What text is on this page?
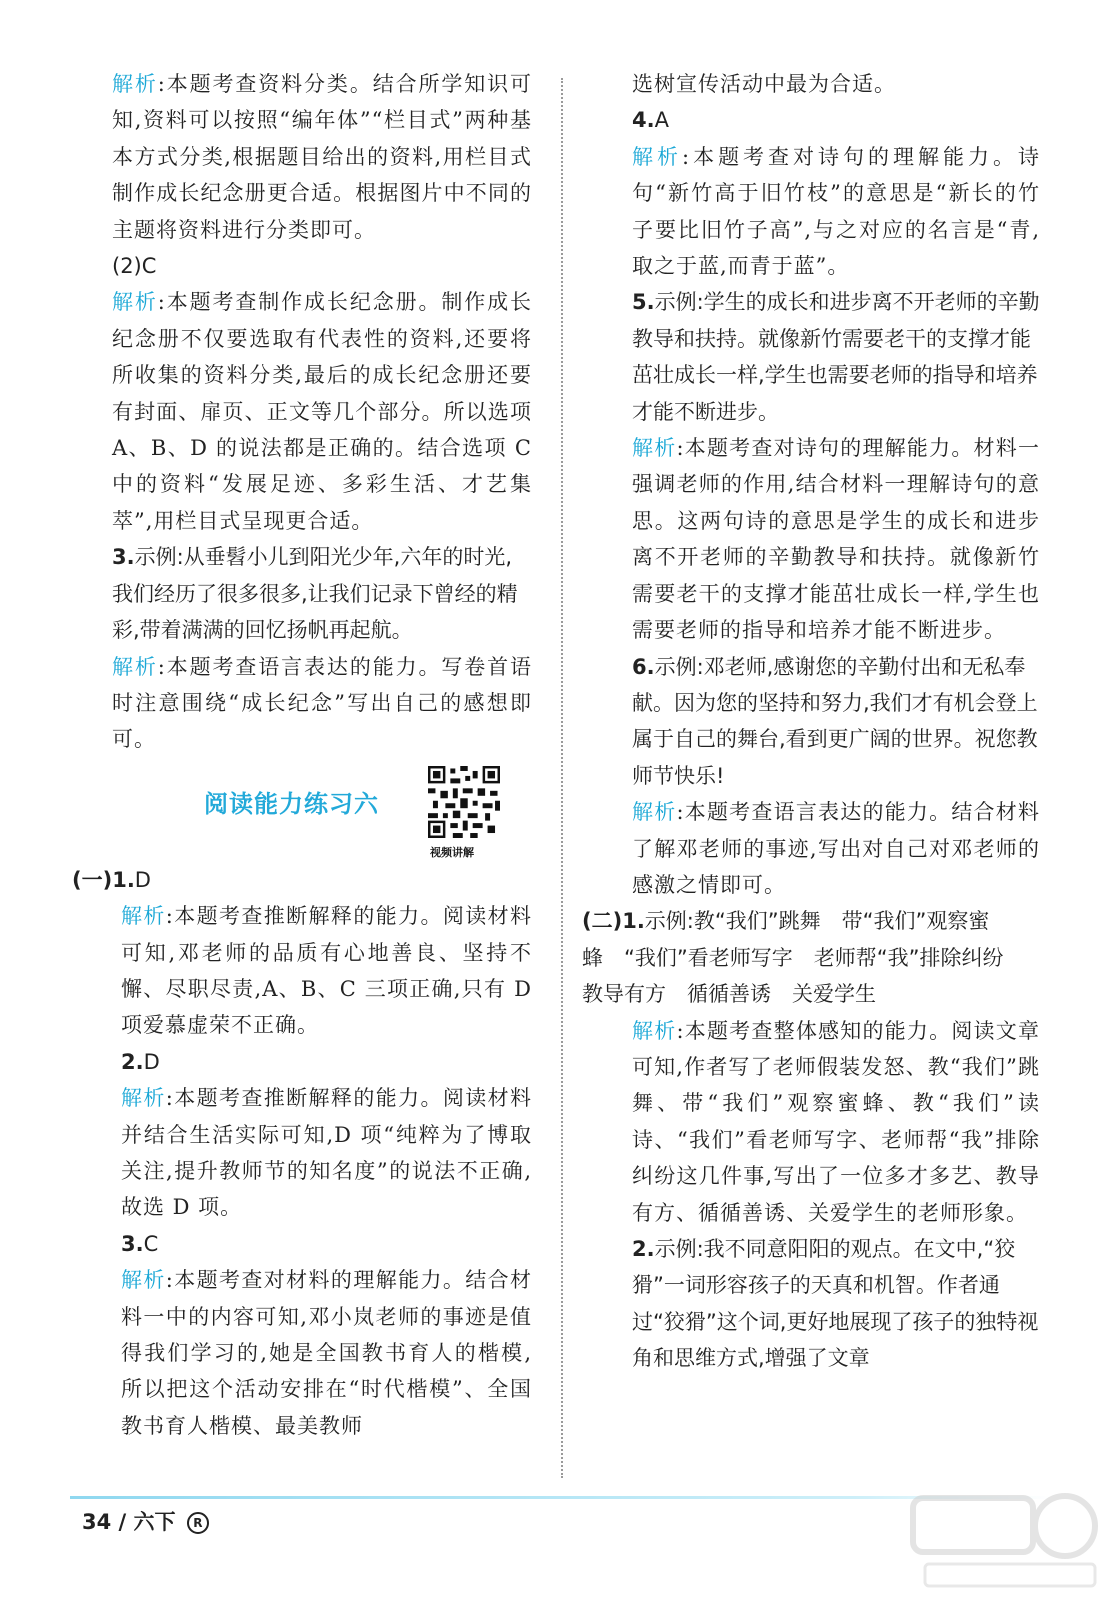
解析:本题考查资料分类。结合所学知识可知,资料可以按照“编年体”“栏目式”两种基本方式分类,根据题目给出的资料,用栏目式制作成长纪念册更合适。根据图片中不同的主题将资料进行分类即可。

(2)C

解析:本题考查制作成长纪念册。制作成长纪念册不仅要选取有代表性的资料,还要将所收集的资料分类,最后的成长纪念册还要有封面、扉页、正文等几个部分。所以选项 A、B、D 的说法都是正确的。结合选项 C 中的资料“发展足迹、多彩生活、才艺集萃”,用栏目式呈现更合适。

3.示例:从垂髫小儿到阳光少年,六年的时光,我们经历了很多很多,让我们记录下曾经的精彩,带着满满的回忆扬帆再起航。

解析:本题考查语言表达的能力。写卷首语时注意围绕“成长纪念”写出自己的感想即可。

阅读能力练习六
视频讲解

(一)1.D

解析:本题考查推断解释的能力。阅读材料可知,邓老师的品质有心地善良、坚持不懈、尽职尽责,A、B、C 三项正确,只有 D 项爱慕虚荣不正确。

2.D

解析:本题考查推断解释的能力。阅读材料并结合生活实际可知,D 项“纯粹为了博取关注,提升教师节的知名度”的说法不正确,故选 D 项。

3.C

解析:本题考查对材料的理解能力。结合材料一中的内容可知,邓小岚老师的事迹是值得我们学习的,她是全国教书育人的楷模,所以把这个活动安排在“时代楷模”、全国教书育人楷模、最美教师

选树宣传活动中最为合适。

4.A

解析:本题考查对诗句的理解能力。诗句“新竹高于旧竹枝”的意思是“新长的竹子要比旧竹子高”,与之对应的名言是“青,取之于蓝,而青于蓝”。

5.示例:学生的成长和进步离不开老师的辛勤教导和扶持。就像新竹需要老干的支撑才能茁壮成长一样,学生也需要老师的指导和培养才能不断进步。

解析:本题考查对诗句的理解能力。材料一强调老师的作用,结合材料一理解诗句的意思。这两句诗的意思是学生的成长和进步离不开老师的辛勤教导和扶持。就像新竹需要老干的支撑才能茁壮成长一样,学生也需要老师的指导和培养才能不断进步。

6.示例:邓老师,感谢您的辛勤付出和无私奉献。因为您的坚持和努力,我们才有机会登上属于自己的舞台,看到更广阔的世界。祝您教师节快乐!

解析:本题考查语言表达的能力。结合材料了解邓老师的事迹,写出对自己对邓老师的感激之情即可。

(二)1.示例:教“我们”跳舞　带“我们”观察蜜蜂　“我们”看老师写字　老师帮“我”排除纠纷　教导有方　循循善诱　关爱学生

解析:本题考查整体感知的能力。阅读文章可知,作者写了老师假装发怒、教“我们”跳舞、带“我们”观察蜜蜂、教“我们”读诗、“我们”看老师写字、老师帮“我”排除纠纷这几件事,写出了一位多才多艺、教导有方、循循善诱、关爱学生的老师形象。

2.示例:我不同意阳阳的观点。在文中,“狡猾”一词形容孩子的天真和机智。作者通过“狡猾”这个词,更好地展现了孩子的独特视角和思维方式,增强了文章

34 / 六下 R
